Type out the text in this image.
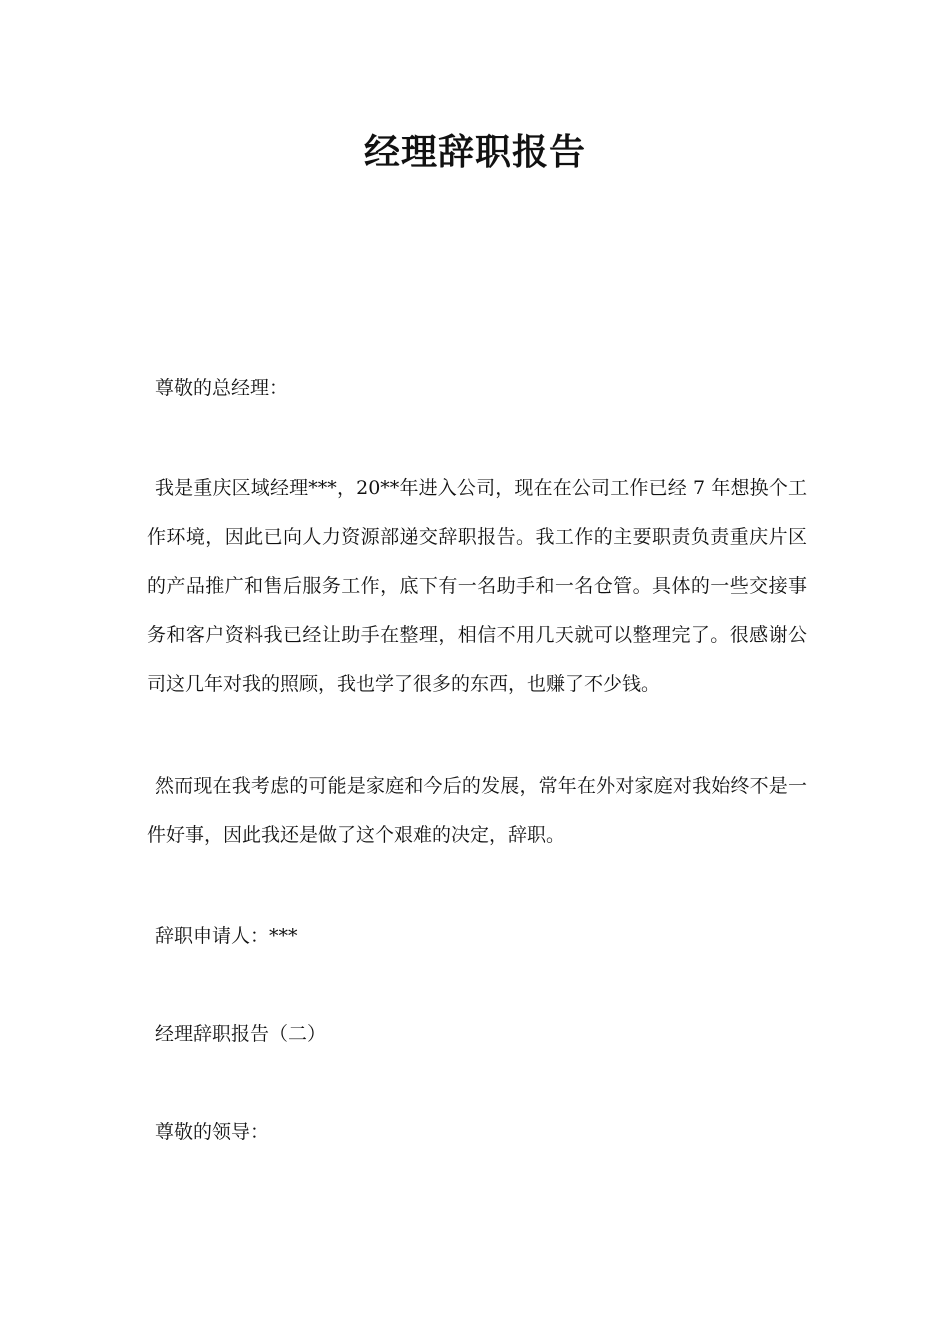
经理辞职报告
尊敬的总经理：
我是重庆区域经理***，20**年进入公司，现在在公司工作已经 7 年想换个工作环境，因此已向人力资源部递交辞职报告。我工作的主要职责负责重庆片区的产品推广和售后服务工作，底下有一名助手和一名仓管。具体的一些交接事务和客户资料我已经让助手在整理，相信不用几天就可以整理完了。很感谢公司这几年对我的照顾，我也学了很多的东西，也赚了不少钱。
然而现在我考虑的可能是家庭和今后的发展，常年在外对家庭对我始终不是一件好事，因此我还是做了这个艰难的决定，辞职。
辞职申请人：***
经理辞职报告（二）
尊敬的领导：
